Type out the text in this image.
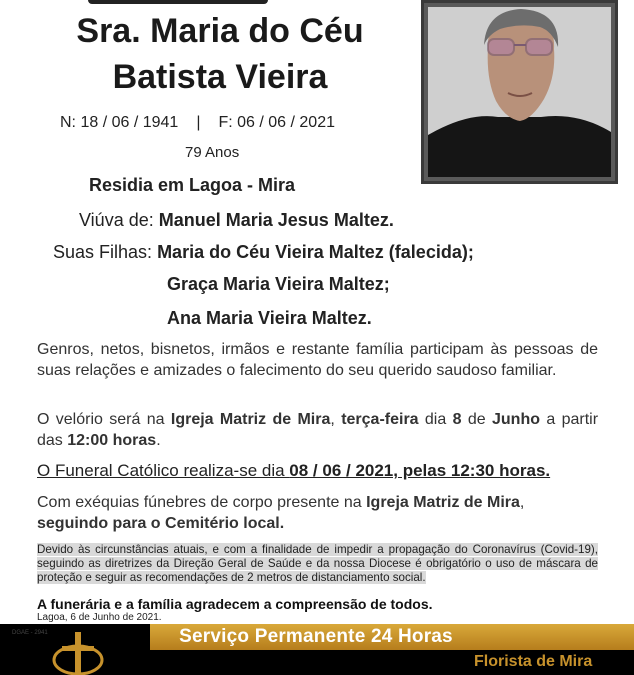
Sra. Maria do Céu
Batista Vieira
N: 18 / 06 / 1941 | F: 06 / 06 / 2021
79 Anos
Residia em Lagoa - Mira
Viúva de: Manuel Maria Jesus Maltez.
Suas Filhas: Maria do Céu Vieira Maltez (falecida);
Graça Maria Vieira Maltez;
Ana Maria Vieira Maltez.
Genros, netos, bisnetos, irmãos e restante família participam às pessoas de suas relações e amizades o falecimento do seu querido saudoso familiar.
O velório será na Igreja Matriz de Mira, terça-feira dia 8 de Junho a partir das 12:00 horas.
O Funeral Católico realiza-se dia 08 / 06 / 2021, pelas 12:30 horas.
Com exéquias fúnebres de corpo presente na Igreja Matriz de Mira,
seguindo para o Cemitério local.
Devido às circunstâncias atuais, e com a finalidade de impedir a propagação do Coronavírus (Covid-19), seguindo as diretrizes da Direção Geral de Saúde e da nossa Diocese é obrigatório o uso de máscara de proteção e seguir as recomendações de 2 metros de distanciamento social.
A funerária e a família agradecem a compreensão de todos.
Lagoa, 6 de Junho de 2021.
Serviço Permanente 24 Horas
DGAE - 2941
Florista de Mira
